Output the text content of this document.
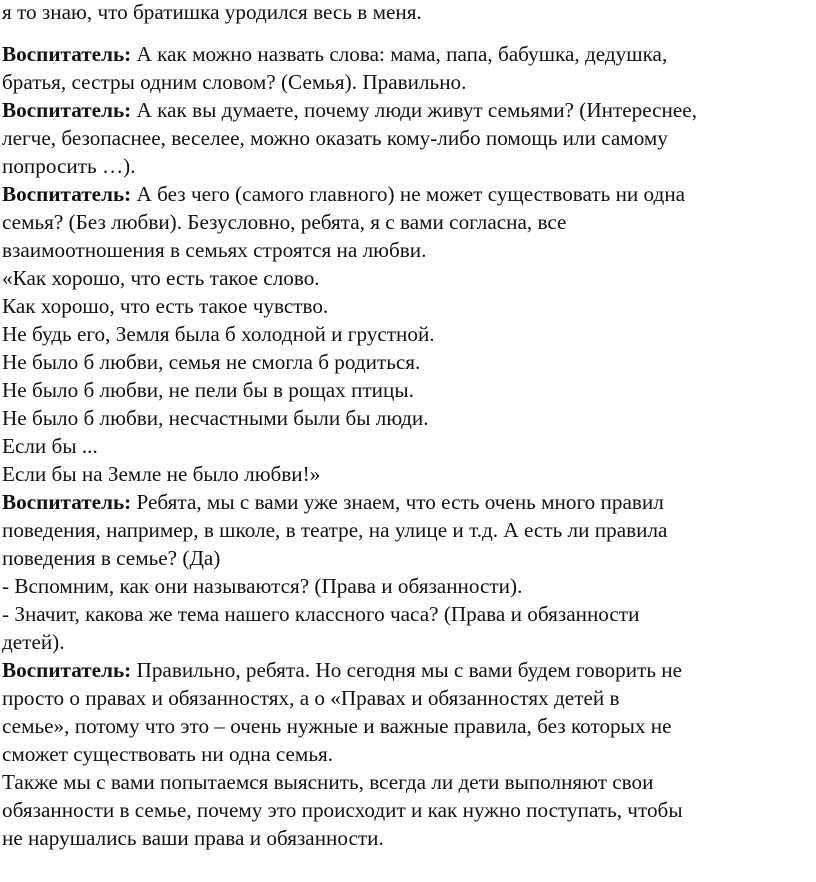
я то знаю, что братишка уродился весь в меня.
Воспитатель: А как можно назвать слова: мама, папа, бабушка, дедушка,
братья, сестры одним словом? (Семья). Правильно.
Воспитатель: А как вы думаете, почему люди живут семьями? (Интереснее,
легче, безопаснее, веселее, можно оказать кому-либо помощь или самому
попросить …).
Воспитатель: А без чего (самого главного) не может существовать ни одна
семья? (Без любви). Безусловно, ребята, я с вами согласна, все
взаимоотношения в семьях строятся на любви.
«Как хорошо, что есть такое слово.
Как хорошо, что есть такое чувство.
Не будь его, Земля была б холодной и грустной.
Не было б любви, семья не смогла б родиться.
Не было б любви, не пели бы в рощах птицы.
Не было б любви, несчастными были бы люди.
Если бы ...
Если бы на Земле не было любви!»
Воспитатель: Ребята, мы с вами уже знаем, что есть очень много правил
поведения, например, в школе, в театре, на улице и т.д. А есть ли правила
поведения в семье? (Да)
- Вспомним, как они называются? (Права и обязанности).
- Значит, какова же тема нашего классного часа? (Права и обязанности
детей).
Воспитатель: Правильно, ребята. Но сегодня мы с вами будем говорить не
просто о правах и обязанностях, а о «Правах и обязанностях детей в
семье», потому что это – очень нужные и важные правила, без которых не
сможет существовать ни одна семья.
Также мы с вами попытаемся выяснить, всегда ли дети выполняют свои
обязанности в семье, почему это происходит и как нужно поступать, чтобы
не нарушались ваши права и обязанности.
